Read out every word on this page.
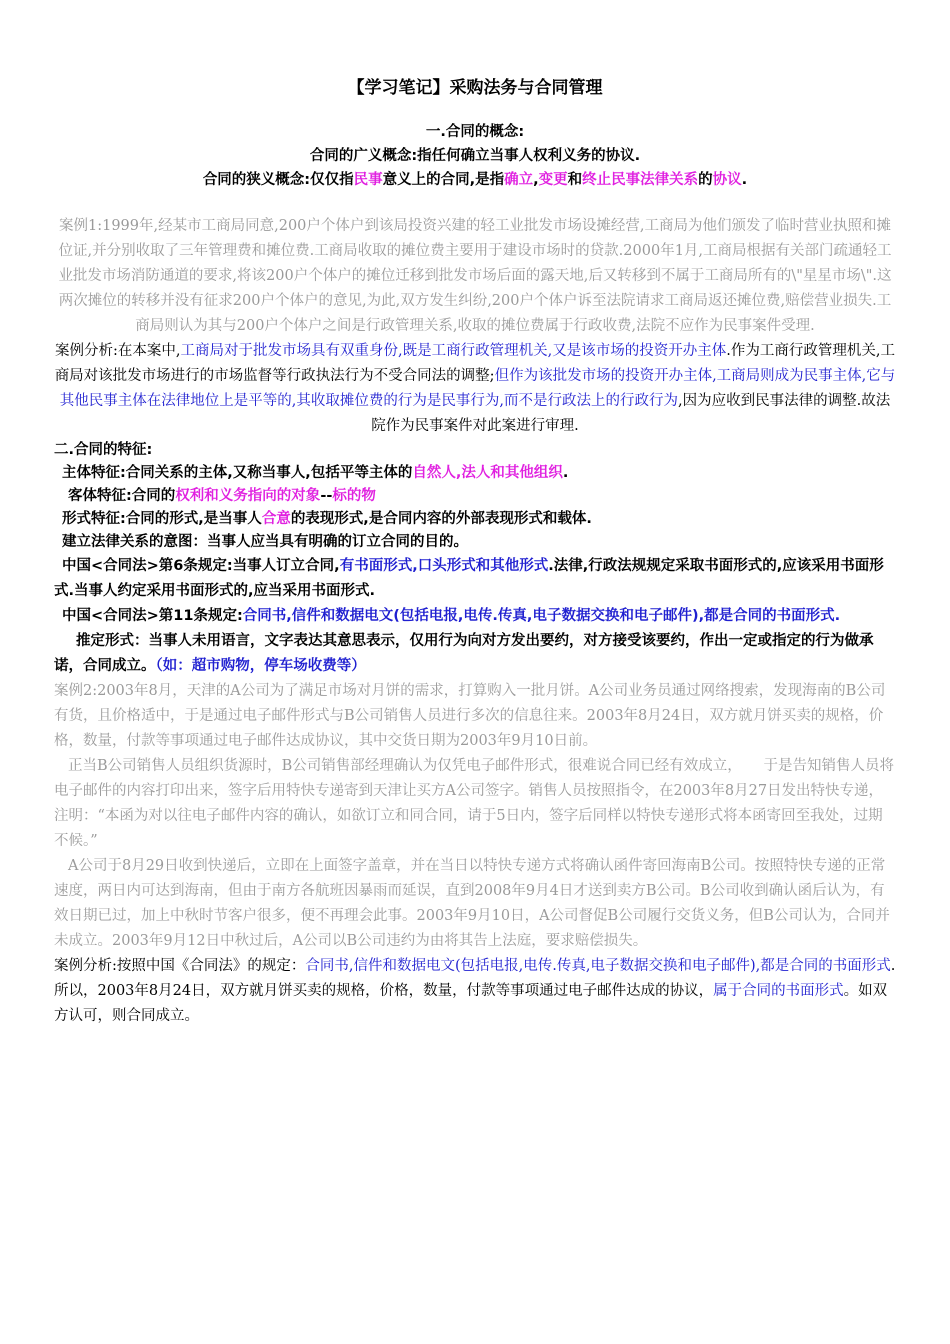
【学习笔记】采购法务与合同管理

一.合同的概念:

合同的广义概念:指任何确立当事人权利义务的协议.

合同的狭义概念:仅仅指民事意义上的合同,是指确立,变更和终止民事法律关系的协议.

案例1:1999年,经某市工商局同意,200户个体户到该局投资兴建的轻工业批发市场设摊经营,工商局为他们颁发了临时营业执照和摊位证,并分别收取了三年管理费和摊位费.工商局收取的摊位费主要用于建设市场时的贷款.2000年1月,工商局根据有关部门疏通轻工业批发市场消防通道的要求,将该200户个体户的摊位迁移到批发市场后面的露天地,后又转移到不属于工商局所有的\"星星市场\".这两次摊位的转移并没有征求200户个体户的意见,为此,双方发生纠纷,200户个体户诉至法院请求工商局返还摊位费,赔偿营业损失.工商局则认为其与200户个体户之间是行政管理关系,收取的摊位费属于行政收费,法院不应作为民事案件受理.

案例分析:在本案中,工商局对于批发市场具有双重身份,既是工商行政管理机关,又是该市场的投资开办主体.作为工商行政管理机关,工商局对该批发市场进行的市场监督等行政执法行为不受合同法的调整;但作为该批发市场的投资开办主体,工商局则成为民事主体,它与其他民事主体在法律地位上是平等的,其收取摊位费的行为是民事行为,而不是行政法上的行政行为,因为应收到民事法律的调整.故法院作为民事案件对此案进行审理.

二.合同的特征:

主体特征:合同关系的主体,又称当事人,包括平等主体的自然人,法人和其他组织.

客体特征:合同的权利和义务指向的对象--标的物

形式特征:合同的形式,是当事人合意的表现形式,是合同内容的外部表现形式和载体.

建立法律关系的意图：当事人应当具有明确的订立合同的目的。

中国<合同法>第6条规定:当事人订立合同,有书面形式,口头形式和其他形式.法律,行政法规规定采取书面形式的,应该采用书面形式.当事人约定采用书面形式的,应当采用书面形式.

中国<合同法>第11条规定:合同书,信件和数据电文(包括电报,电传.传真,电子数据交换和电子邮件),都是合同的书面形式.

推定形式：当事人未用语言，文字表达其意思表示，仅用行为向对方发出要约，对方接受该要约，作出一定或指定的行为做承诺，合同成立。（如：超市购物，停车场收费等）

案例2:2003年8月，天津的A公司为了满足市场对月饼的需求，打算购入一批月饼。A公司业务员通过网络搜索，发现海南的B公司有货，且价格适中，于是通过电子邮件形式与B公司销售人员进行多次的信息往来。2003年8月24日，双方就月饼买卖的规格，价格，数量，付款等事项通过电子邮件达成协议，其中交货日期为2003年9月10日前。

正当B公司销售人员组织货源时，B公司销售部经理确认为仅凭电子邮件形式，很难说合同已经有效成立，　　于是告知销售人员将电子邮件的内容打印出来，签字后用特快专递寄到天津让买方A公司签字。销售人员按照指令，在2003年8月27日发出特快专递，注明：“本函为对以往电子邮件内容的确认，如欲订立和同合同，请于5日内，签字后同样以特快专递形式将本函寄回至我处，过期不候。”

A公司于8月29日收到快递后，立即在上面签字盖章，并在当日以特快专递方式将确认函件寄回海南B公司。按照特快专递的正常速度，两日内可达到海南，但由于南方各航班因暴雨而延误，直到2008年9月4日才送到卖方B公司。B公司收到确认函后认为，有效日期已过，加上中秋时节客户很多，便不再理会此事。2003年9月10日，A公司督促B公司履行交货义务，但B公司认为，合同并未成立。2003年9月12日中秋过后，A公司以B公司违约为由将其告上法庭，要求赔偿损失。

案例分析:按照中国《合同法》的规定：合同书,信件和数据电文(包括电报,电传.传真,电子数据交换和电子邮件),都是合同的书面形式.所以，2003年8月24日，双方就月饼买卖的规格，价格，数量，付款等事项通过电子邮件达成的协议，属于合同的书面形式。如双方认可，则合同成立。
